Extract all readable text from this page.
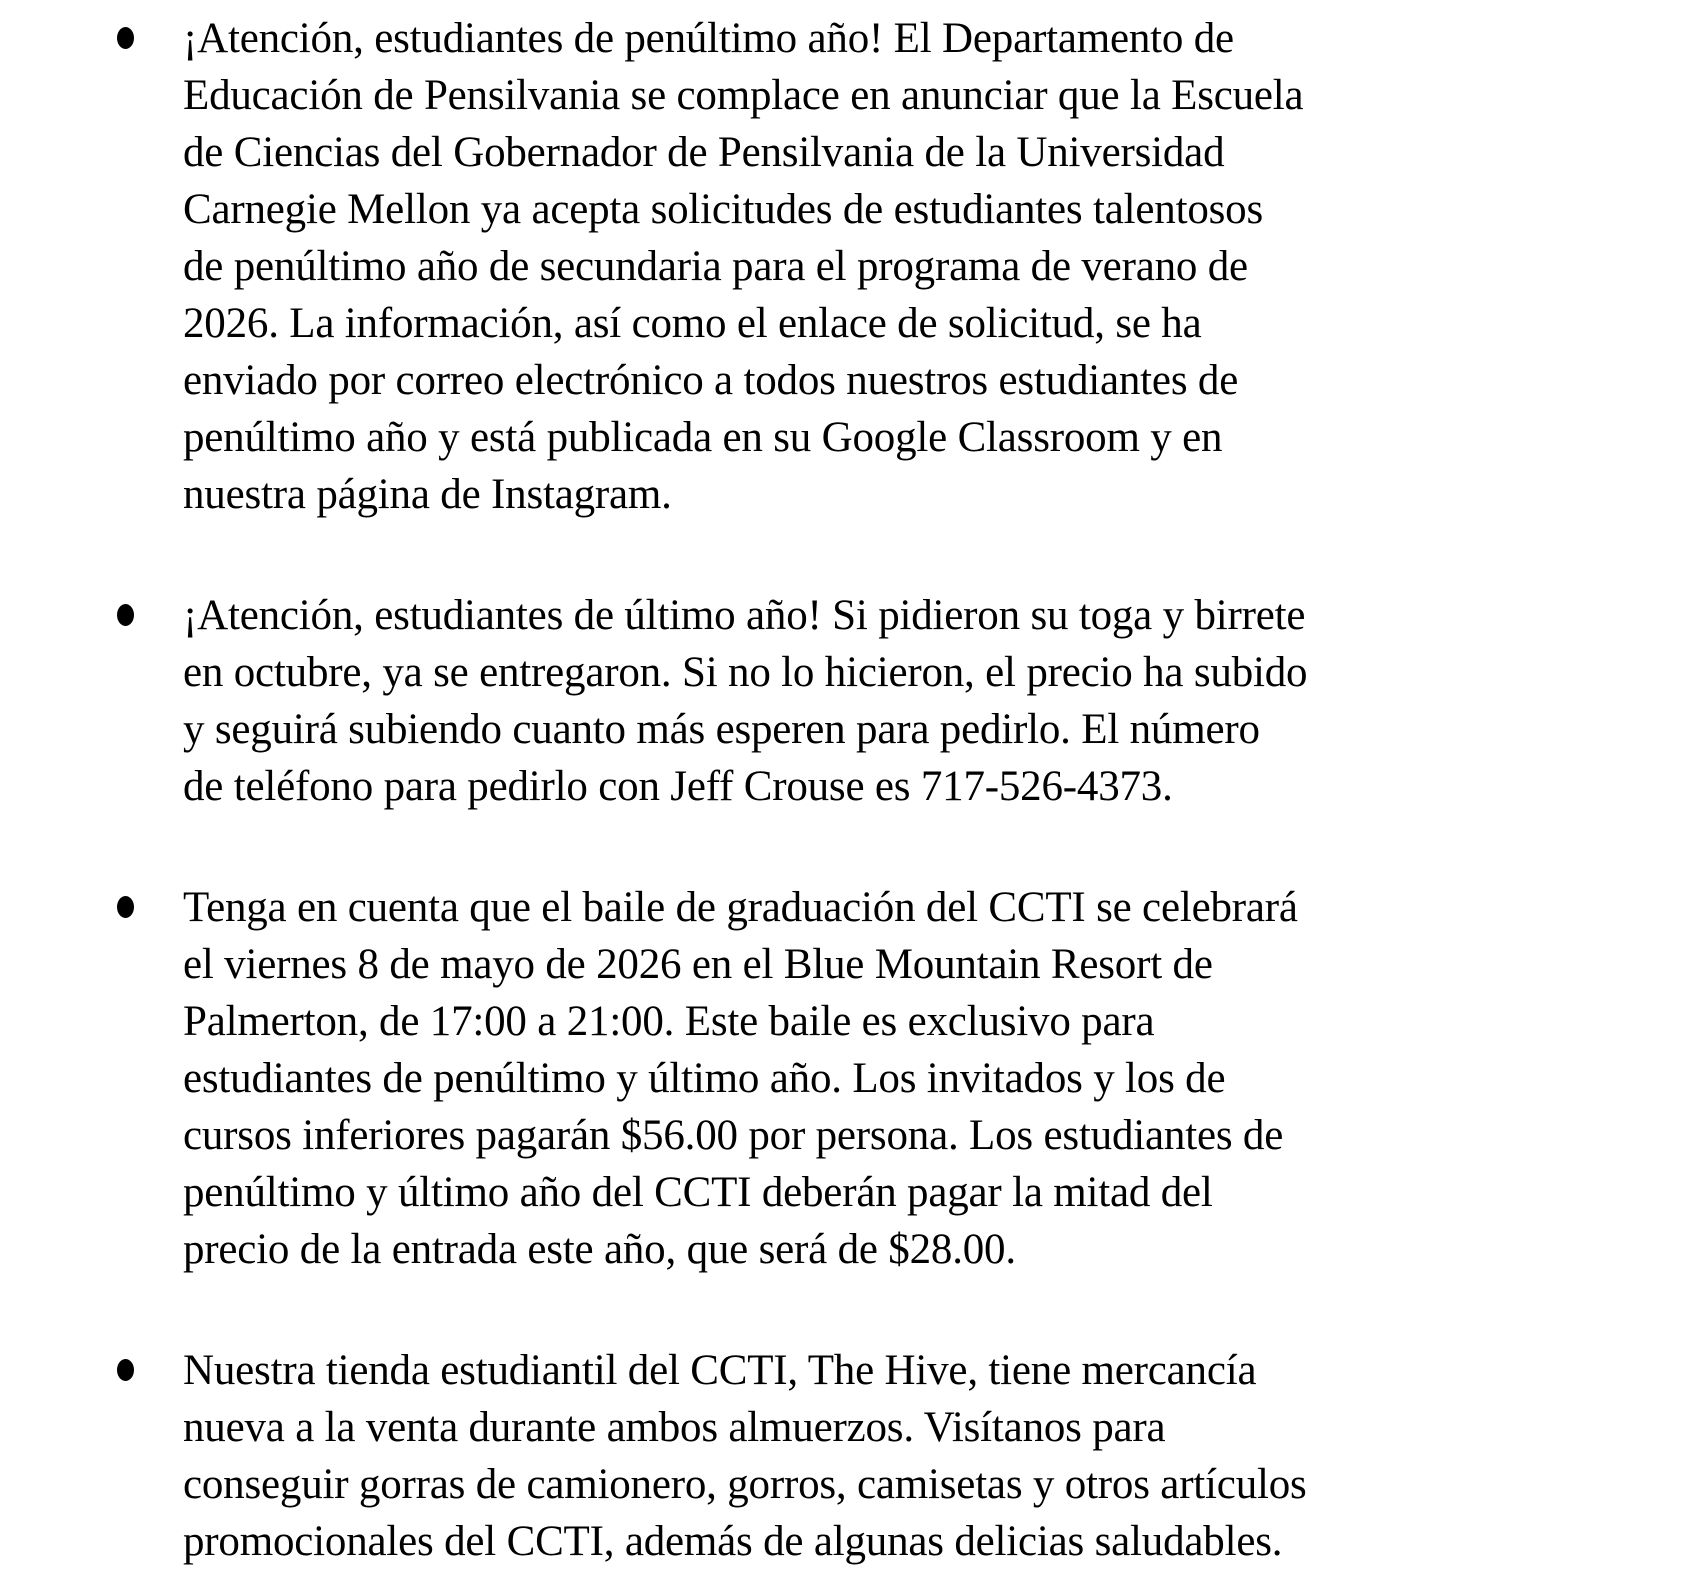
¡Atención, estudiantes de penúltimo año! El Departamento de
Educación de Pensilvania se complace en anunciar que la Escuela
de Ciencias del Gobernador de Pensilvania de la Universidad
Carnegie Mellon ya acepta solicitudes de estudiantes talentosos
de penúltimo año de secundaria para el programa de verano de
2026. La información, así como el enlace de solicitud, se ha
enviado por correo electrónico a todos nuestros estudiantes de
penúltimo año y está publicada en su Google Classroom y en
nuestra página de Instagram.
¡Atención, estudiantes de último año! Si pidieron su toga y birrete
en octubre, ya se entregaron. Si no lo hicieron, el precio ha subido
y seguirá subiendo cuanto más esperen para pedirlo. El número
de teléfono para pedirlo con Jeff Crouse es 717-526-4373.
Tenga en cuenta que el baile de graduación del CCTI se celebrará
el viernes 8 de mayo de 2026 en el Blue Mountain Resort de
Palmerton, de 17:00 a 21:00. Este baile es exclusivo para
estudiantes de penúltimo y último año. Los invitados y los de
cursos inferiores pagarán $56.00 por persona. Los estudiantes de
penúltimo y último año del CCTI deberán pagar la mitad del
precio de la entrada este año, que será de $28.00.
Nuestra tienda estudiantil del CCTI, The Hive, tiene mercancía
nueva a la venta durante ambos almuerzos. Visítanos para
conseguir gorras de camionero, gorros, camisetas y otros artículos
promocionales del CCTI, además de algunas delicias saludables.
